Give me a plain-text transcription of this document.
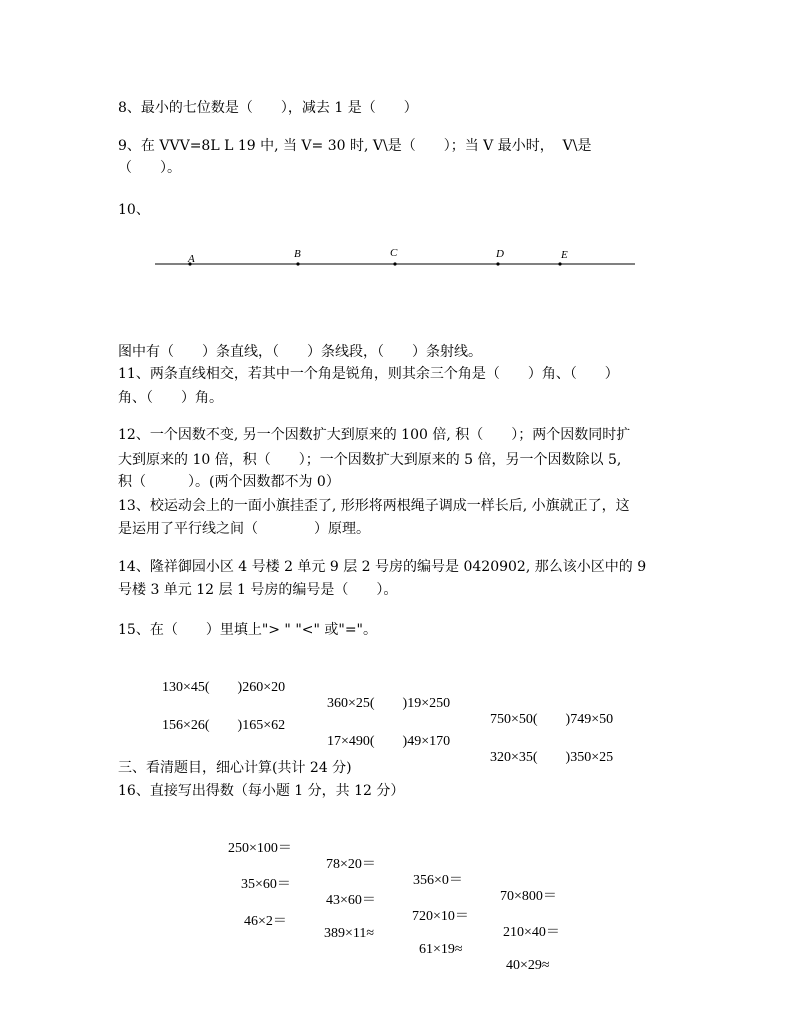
8、最小的七位数是（　　），减去 1 是（　　）
9、在 VVV=8L L 19 中, 当 V= 30 时, V\是（　　）；当 V 最小时，  V\是
（　　）。
10、
A	B	C	D	E
图中有（　　）条直线，（　　）条线段，（　　）条射线。
11、两条直线相交，若其中一个角是锐角，则其余三个角是（　　）角、（　　）
角、（　　）角。
12、一个因数不变, 另一个因数扩大到原来的 100 倍, 积（　　）；两个因数同时扩
大到原来的 10 倍，积（　　）；一个因数扩大到原来的 5 倍，另一个因数除以 5,
积（　　　）。(两个因数都不为 0）
13、校运动会上的一面小旗挂歪了, 形形将两根绳子调成一样长后, 小旗就正了，这
是运用了平行线之间（　　　　）原理。
14、隆祥御园小区 4 号楼 2 单元 9 层 2 号房的编号是 0420902, 那么该小区中的 9
号楼 3 单元 12 层 1 号房的编号是（　　）。
15、在（　　）里填上"> " "<" 或"="。

130×45(　　)260×20

360×25(　　)19×250

750×50(　　)749×50

156×26(　　)165×62

17×490(　　)49×170

320×35(　　)350×25

三、看清题目，细心计算(共计 24 分)
16、直接写出得数（每小题 1 分，共 12 分）

250×100＝

78×20＝

356×0＝

70×800＝

35×60＝

43×60＝

720×10＝

210×40＝

46×2＝

389×11≈

61×19≈

40×29≈
